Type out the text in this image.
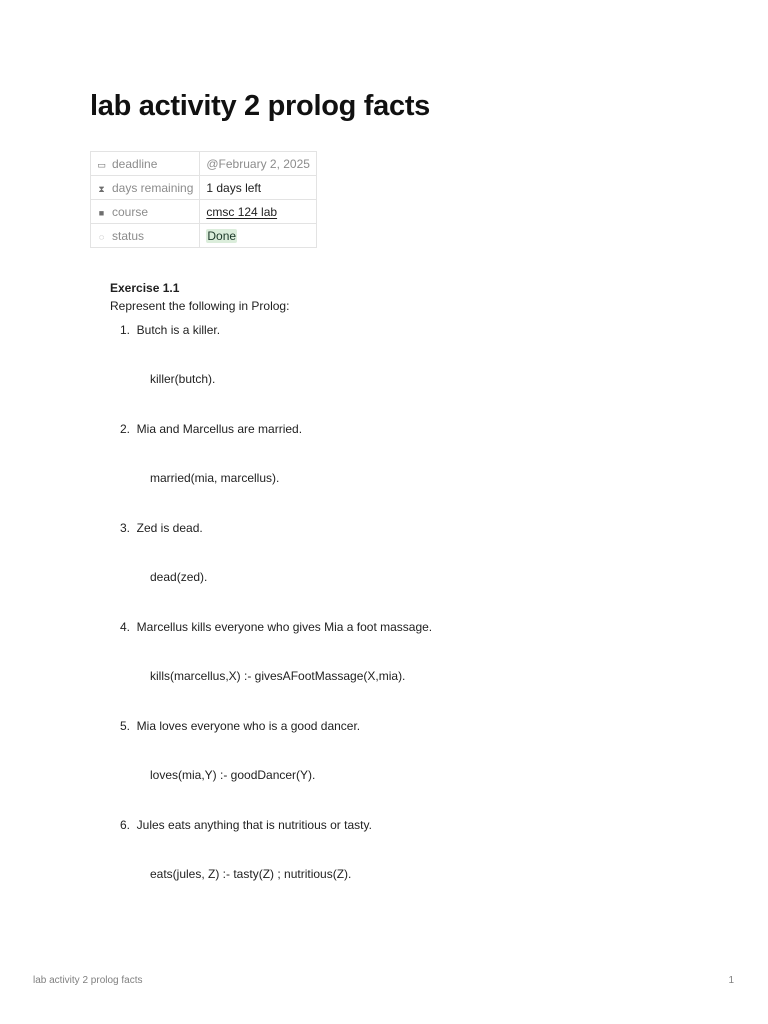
lab activity 2 prolog facts
▭ deadline	@February 2, 2025
⧗ days remaining	1 days left
■ course	cmsc 124 lab
◌ status	Done

Exercise 1.1

Represent the following in Prolog:

1. Butch is a killer.
killer(butch).
2. Mia and Marcellus are married.
married(mia, marcellus).
3. Zed is dead.
dead(zed).
4. Marcellus kills everyone who gives Mia a foot massage.
kills(marcellus,X) :- givesAFootMassage(X,mia).
5. Mia loves everyone who is a good dancer.
loves(mia,Y) :- goodDancer(Y).
6. Jules eats anything that is nutritious or tasty.
eats(jules, Z) :- tasty(Z) ; nutritious(Z).
lab activity 2 prolog facts	1
